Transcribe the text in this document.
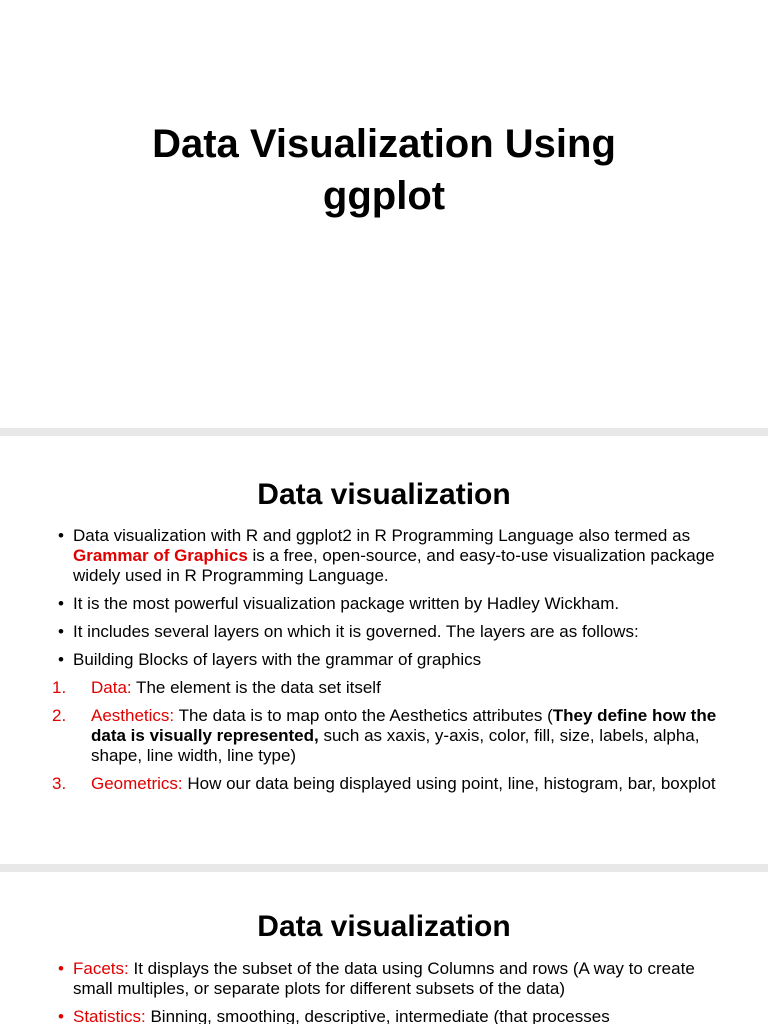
Data Visualization Using
ggplot
Data visualization
• Data visualization with R and ggplot2 in R Programming Language also termed as Grammar of Graphics is a free, open-source, and easy-to-use visualization package widely used in R Programming Language.
• It is the most powerful visualization package written by Hadley Wickham.
• It includes several layers on which it is governed. The layers are as follows:
• Building Blocks of layers with the grammar of graphics
1. Data: The element is the data set itself
2. Aesthetics: The data is to map onto the Aesthetics attributes (They define how the data is visually represented, such as xaxis, y-axis, color, fill, size, labels, alpha, shape, line width, line type)
3. Geometrics: How our data being displayed using point, line, histogram, bar, boxplot
Data visualization
• Facets: It displays the subset of the data using Columns and rows (A way to create small multiples, or separate plots for different subsets of the data)
• Statistics: Binning, smoothing, descriptive, intermediate (that processes
